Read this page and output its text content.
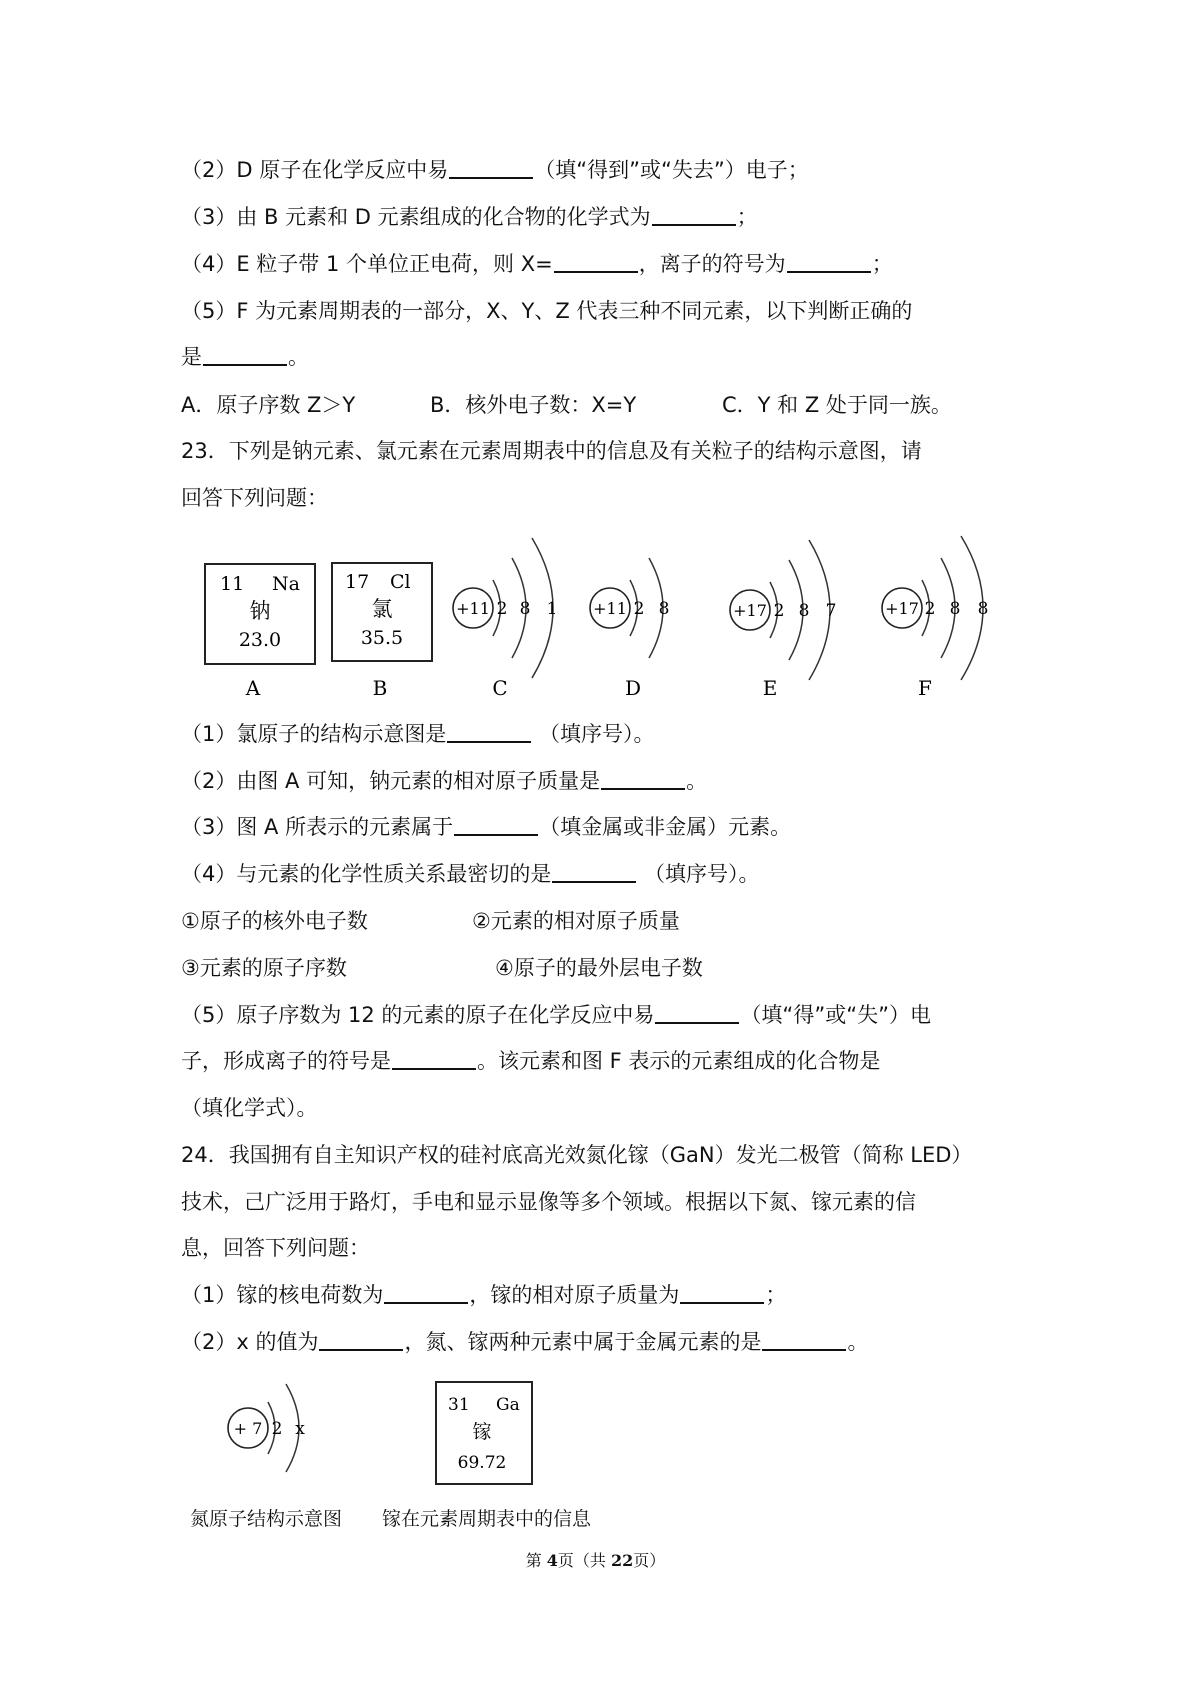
（2）D 原子在化学反应中易	（填“得到”或“失去”）电子；
（3）由 B 元素和 D 元素组成的化合物的化学式为	；
（4）E 粒子带 1 个单位正电荷，则 X=	，离子的符号为	；
（5）F 为元素周期表的一部分，X、Y、Z 代表三种不同元素，以下判断正确的
是	。
A．原子序数 Z＞Y	B．核外电子数：X=Y	C．Y 和 Z 处于同一族。
23．下列是钠元素、氯元素在元素周期表中的信息及有关粒子的结构示意图，请
回答下列问题：
11 Na
钠
23.0
A
17 Cl
氯
35.5
B
+11 2 8 1
C
+11 2 8
D
+17 2 8 7
E
+17 2 8 8
F
（1）氯原子的结构示意图是	（填序号）。
（2）由图 A 可知，钠元素的相对原子质量是	。
（3）图 A 所表示的元素属于	（填金属或非金属）元素。
（4）与元素的化学性质关系最密切的是	（填序号）。
①原子的核外电子数	②元素的相对原子质量
③元素的原子序数	④原子的最外层电子数
（5）原子序数为 12 的元素的原子在化学反应中易	（填“得”或“失”）电
子，形成离子的符号是	。该元素和图 F 表示的元素组成的化合物是
（填化学式）。
24．我国拥有自主知识产权的硅衬底高光效氮化镓（GaN）发光二极管（简称 LED）
技术，己广泛用于路灯，手电和显示显像等多个领域。根据以下氮、镓元素的信
息，回答下列问题：
（1）镓的核电荷数为	，镓的相对原子质量为	；
（2）x 的值为	，氮、镓两种元素中属于金属元素的是	。
+ 7 2 x
31 Ga
镓
69.72
氮原子结构示意图 镓在元素周期表中的信息
第 4页（共 22页）
